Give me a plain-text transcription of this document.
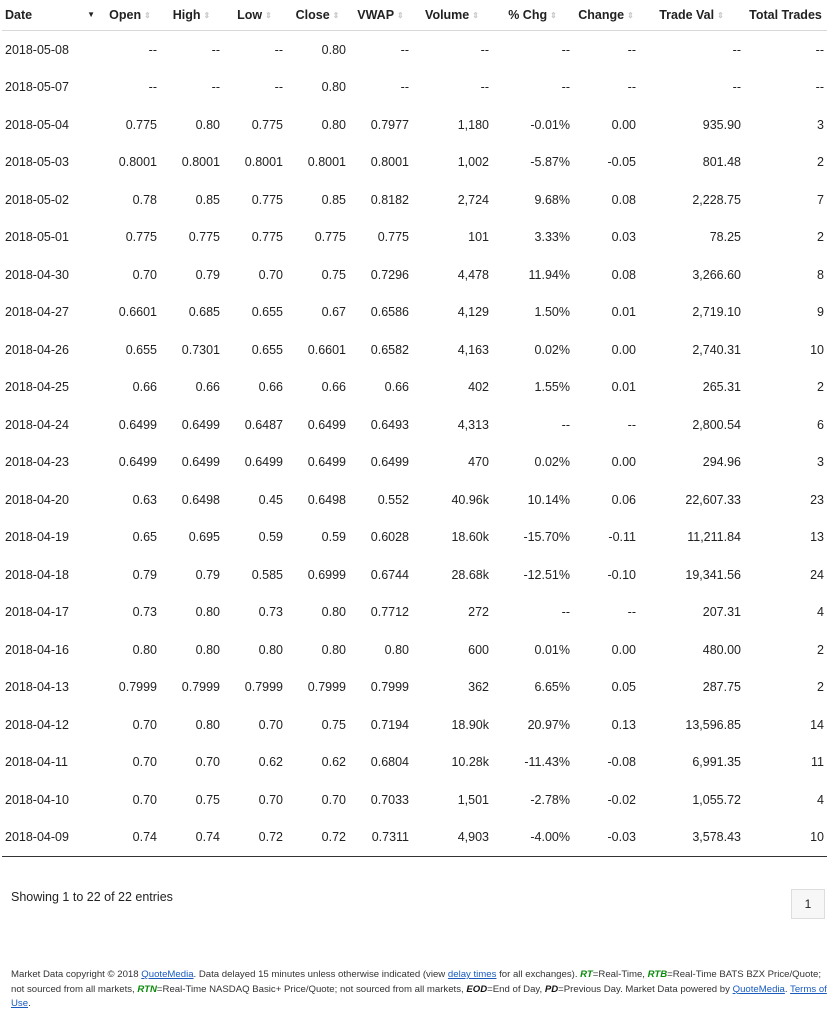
Date ▼	Open ⇕	High ⇕	Low ⇕	Close ⇕	VWAP ⇕	Volume ⇕	% Chg ⇕	Change ⇕	Trade Val ⇕	Total Trades
2018-05-08	--	--	--	0.80	--	--	--	--	--	--
2018-05-07	--	--	--	0.80	--	--	--	--	--	--
2018-05-04	0.775	0.80	0.775	0.80	0.7977	1,180	-0.01%	0.00	935.90	3
2018-05-03	0.8001	0.8001	0.8001	0.8001	0.8001	1,002	-5.87%	-0.05	801.48	2
2018-05-02	0.78	0.85	0.775	0.85	0.8182	2,724	9.68%	0.08	2,228.75	7
2018-05-01	0.775	0.775	0.775	0.775	0.775	101	3.33%	0.03	78.25	2
2018-04-30	0.70	0.79	0.70	0.75	0.7296	4,478	11.94%	0.08	3,266.60	8
2018-04-27	0.6601	0.685	0.655	0.67	0.6586	4,129	1.50%	0.01	2,719.10	9
2018-04-26	0.655	0.7301	0.655	0.6601	0.6582	4,163	0.02%	0.00	2,740.31	10
2018-04-25	0.66	0.66	0.66	0.66	0.66	402	1.55%	0.01	265.31	2
2018-04-24	0.6499	0.6499	0.6487	0.6499	0.6493	4,313	--	--	2,800.54	6
2018-04-23	0.6499	0.6499	0.6499	0.6499	0.6499	470	0.02%	0.00	294.96	3
2018-04-20	0.63	0.6498	0.45	0.6498	0.552	40.96k	10.14%	0.06	22,607.33	23
2018-04-19	0.65	0.695	0.59	0.59	0.6028	18.60k	-15.70%	-0.11	11,211.84	13
2018-04-18	0.79	0.79	0.585	0.6999	0.6744	28.68k	-12.51%	-0.10	19,341.56	24
2018-04-17	0.73	0.80	0.73	0.80	0.7712	272	--	--	207.31	4
2018-04-16	0.80	0.80	0.80	0.80	0.80	600	0.01%	0.00	480.00	2
2018-04-13	0.7999	0.7999	0.7999	0.7999	0.7999	362	6.65%	0.05	287.75	2
2018-04-12	0.70	0.80	0.70	0.75	0.7194	18.90k	20.97%	0.13	13,596.85	14
2018-04-11	0.70	0.70	0.62	0.62	0.6804	10.28k	-11.43%	-0.08	6,991.35	11
2018-04-10	0.70	0.75	0.70	0.70	0.7033	1,501	-2.78%	-0.02	1,055.72	4
2018-04-09	0.74	0.74	0.72	0.72	0.7311	4,903	-4.00%	-0.03	3,578.43	10
Showing 1 to 22 of 22 entries	1
Market Data copyright © 2018 QuoteMedia. Data delayed 15 minutes unless otherwise indicated (view delay times for all exchanges). RT=Real-Time, RTB=Real-Time BATS BZX Price/Quote; not sourced from all markets, RTN=Real-Time NASDAQ Basic+ Price/Quote; not sourced from all markets, EOD=End of Day, PD=Previous Day. Market Data powered by QuoteMedia. Terms of Use.
